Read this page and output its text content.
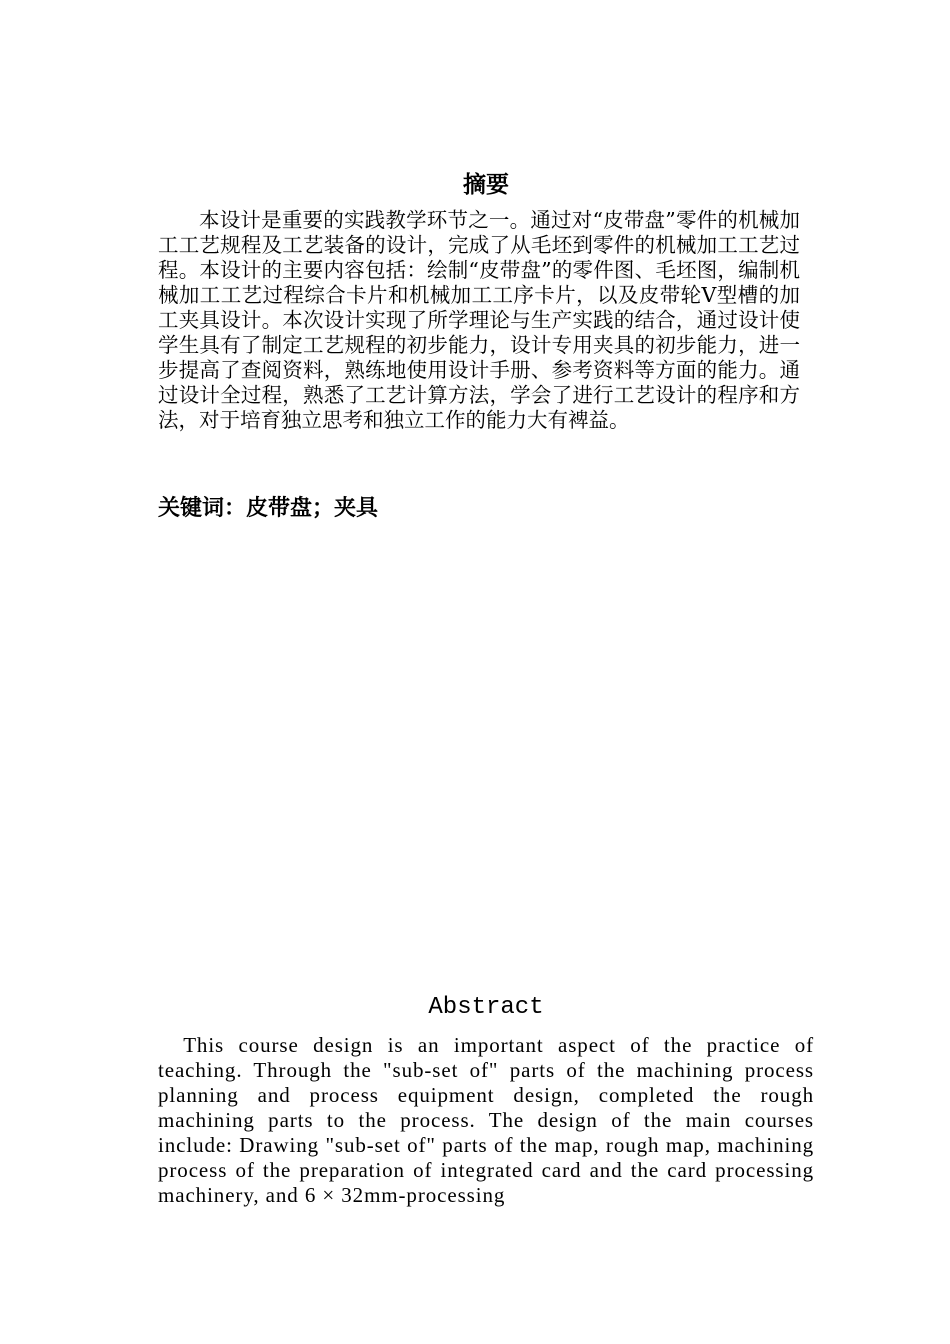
摘要

本设计是重要的实践教学环节之一。通过对“皮带盘”零件的机械加工工艺规程及工艺装备的设计，完成了从毛坯到零件的机械加工工艺过程。本设计的主要内容包括：绘制“皮带盘”的零件图、毛坯图，编制机械加工工艺过程综合卡片和机械加工工序卡片，以及皮带轮V型槽的加工夹具设计。本次设计实现了所学理论与生产实践的结合，通过设计使学生具有了制定工艺规程的初步能力，设计专用夹具的初步能力，进一步提高了查阅资料，熟练地使用设计手册、参考资料等方面的能力。通过设计全过程，熟悉了工艺计算方法，学会了进行工艺设计的程序和方法，对于培育独立思考和独立工作的能力大有裨益。

关键词：皮带盘；夹具
Abstract

This course design is an important aspect of the practice of teaching. Through the "sub-set of" parts of the machining process planning and process equipment design, completed the rough machining parts to the process. The design of the main courses include: Drawing "sub-set of" parts of the map, rough map, machining process of the preparation of integrated card and the card processing machinery, and 6 × 32mm-processing
